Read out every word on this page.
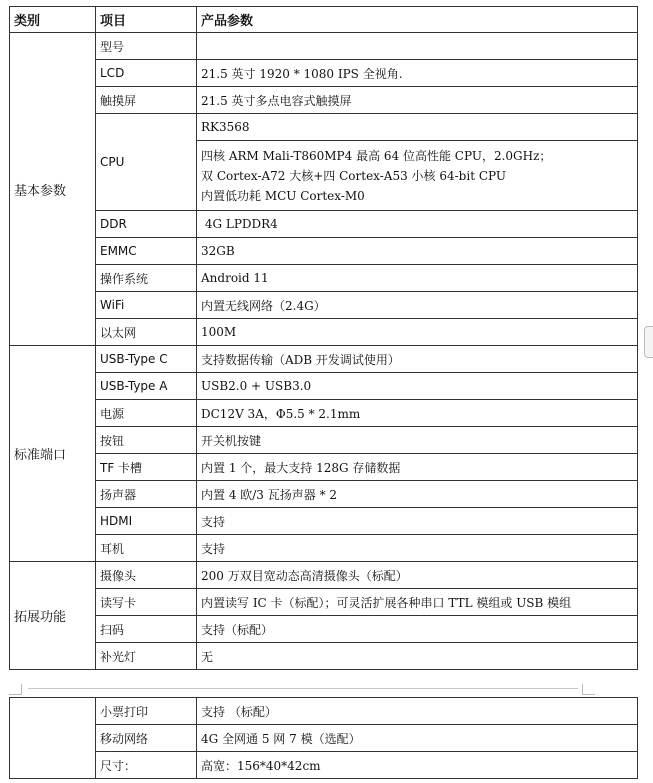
类别	项目	产品参数
基本参数	型号	
	LCD	21.5 英寸 1920 * 1080 IPS 全视角.
	触摸屏	21.5 英寸多点电容式触摸屏
	CPU	RK3568

		四核 ARM Mali-T860MP4 最高 64 位高性能 CPU，2.0GHz；
双 Cortex-A72 大核+四 Cortex-A53 小核 64-bit CPU
内置低功耗 MCU Cortex-M0

	DDR	4G LPDDR4
	EMMC	32GB
	操作系统	Android 11
	WiFi	内置无线网络（2.4G）
	以太网	100M
标准端口	USB-Type C	支持数据传输（ADB 开发调试使用）
	USB-Type A	USB2.0 + USB3.0
	电源	DC12V 3A，Φ5.5 * 2.1mm
	按钮	开关机按键
	TF 卡槽	内置 1 个，最大支持 128G 存储数据
	扬声器	内置 4 欧/3 瓦扬声器 * 2
	HDMI	支持
	耳机	支持
拓展功能	摄像头	200 万双目宽动态高清摄像头（标配）
	读写卡	内置读写 IC 卡（标配）；可灵活扩展各种串口 TTL 模组或 USB 模组
	扫码	支持（标配）
	补光灯	无
	小票打印	支持 （标配）
	移动网络	4G 全网通 5 网 7 模（选配）
	尺寸：	高宽：156*40*42cm
